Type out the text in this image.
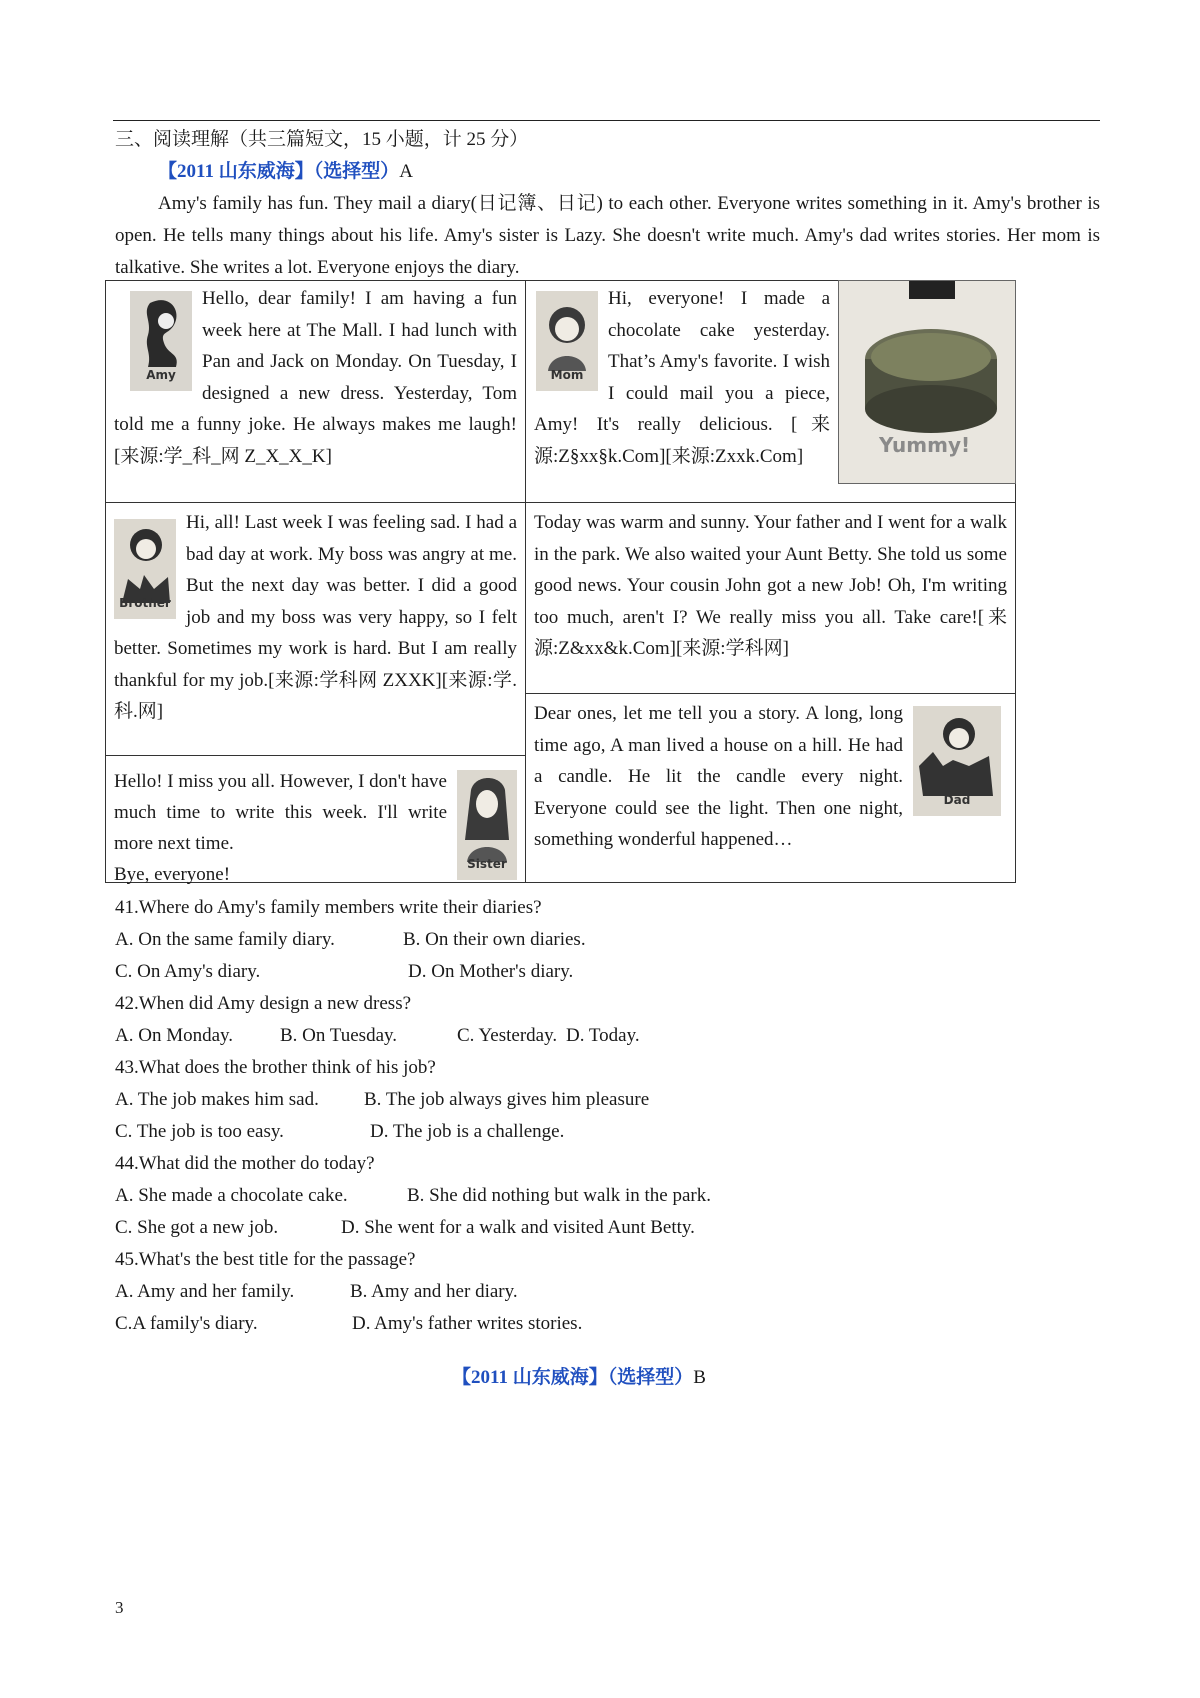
三、阅读理解（共三篇短文，15 小题，计 25 分）
【2011 山东威海】（选择型）A

Amy's family has fun. They mail a diary(日记簿、日记) to each other. Everyone writes something in it. Amy's brother is open. He tells many things about his life. Amy's sister is Lazy. She doesn't write much. Amy's dad writes stories. Her mom is talkative. She writes a lot. Everyone enjoys the diary.

Amy

Hello, dear family! I am having a fun week here at The Mall. I had lunch with Pan and Jack on Monday. On Tuesday, I designed a new dress. Yesterday, Tom told me a funny joke. He always makes me laugh![来源:学_科_网 Z_X_X_K]

Mom

Hi, everyone! I made a chocolate cake yesterday. That’s Amy's favorite. I wish I could mail you a piece, Amy! It's really delicious. [来源:Z§xx§k.Com][来源:Zxxk.Com]	Yummy!
Brother

Hi, all! Last week I was feeling sad. I had a bad day at work. My boss was angry at me. But the next day was better. I did a good job and my boss was very happy, so I felt better. Sometimes my work is hard. But I am really thankful for my job.[来源:学科网 ZXXK][来源:学.科.网]

Today was warm and sunny. Your father and I went for a walk in the park. We also waited your Aunt Betty. She told us some good news. Your cousin John got a new Job! Oh, I'm writing too much, aren't I? We really miss you all. Take care![来源:Z&xx&k.Com][来源:学科网]

Sister

Hello! I miss you all. However, I don't have much time to write this week. I'll write more next time.

Bye, everyone!

Dad

Dear ones, let me tell you a story. A long, long time ago, A man lived a house on a hill. He had a candle. He lit the candle every night. Everyone could see the light. Then one night, something wonderful happened…

41.Where do Amy's family members write their diaries?
A. On the same family diary.	B. On their own diaries.
C. On Amy's diary.	D. On Mother's diary.
42.When did Amy design a new dress?
A. On Monday. B. On Tuesday.	C. Yesterday. D. Today.
43.What does the brother think of his job?
A. The job makes him sad. B. The job always gives him pleasure
C. The job is too easy.	D. The job is a challenge.
44.What did the mother do today?
A. She made a chocolate cake.	B. She did nothing but walk in the park.
C. She got a new job.	D. She went for a walk and visited Aunt Betty.
45.What's the best title for the passage?
A. Amy and her family.	B. Amy and her diary.
C.A family's diary.	D. Amy's father writes stories.
【2011 山东威海】（选择型）B
3
